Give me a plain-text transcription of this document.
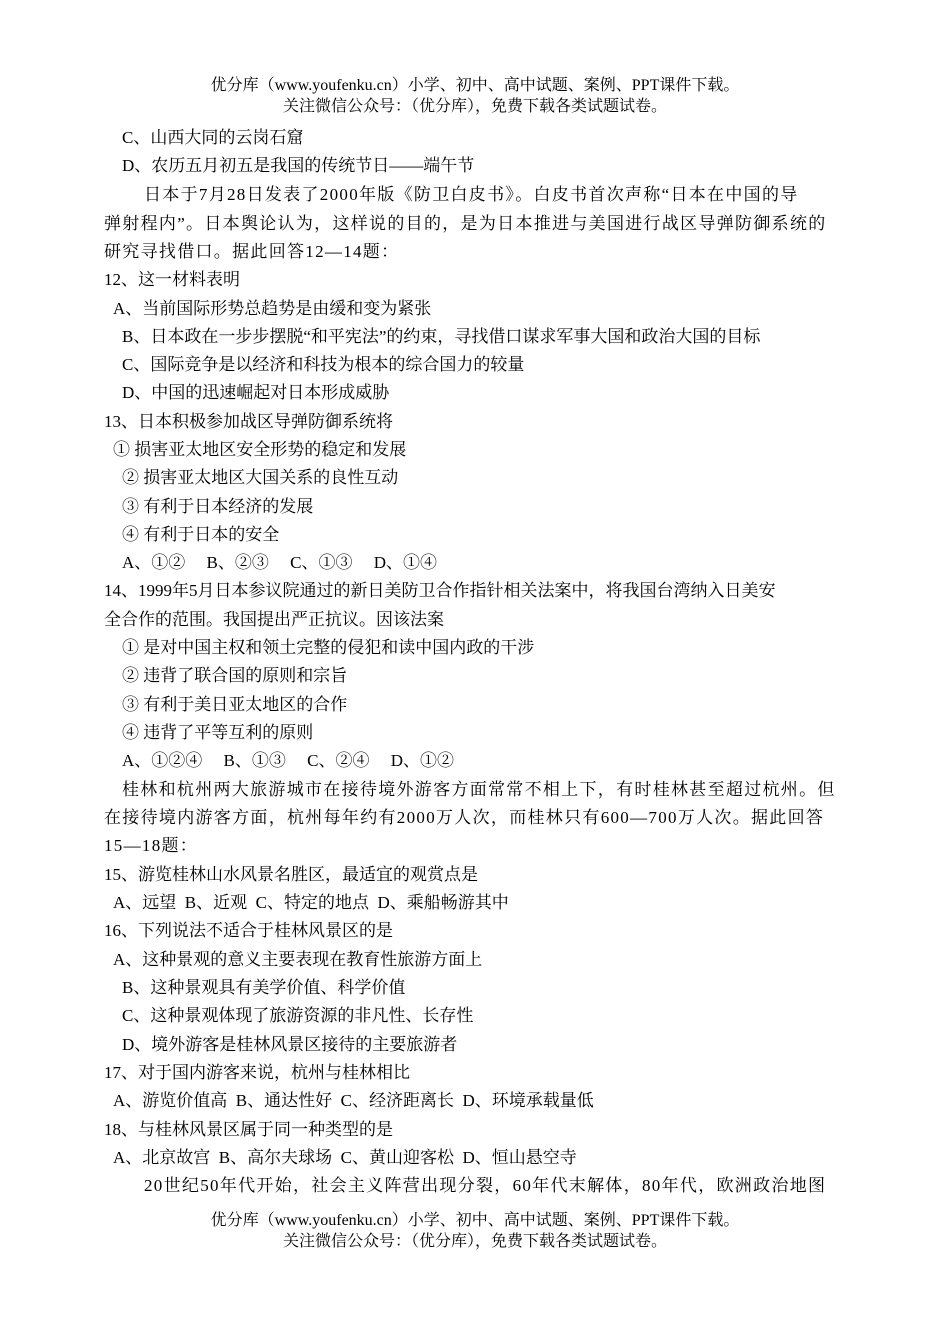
优分库（www.youfenku.cn）小学、初中、高中试题、案例、PPT课件下载。
关注微信公众号：（优分库），免费下载各类试题试卷。
C、山西大同的云岗石窟
D、农历五月初五是我国的传统节日——端午节
日本于7月28日发表了2000年版《防卫白皮书》。白皮书首次声称“日本在中国的导
弹射程内”。日本舆论认为，这样说的目的，是为日本推进与美国进行战区导弹防御系统的
研究寻找借口。据此回答12—14题：
12、这一材料表明
A、当前国际形势总趋势是由缓和变为紧张
B、日本政在一步步摆脱“和平宪法”的约束，寻找借口谋求军事大国和政治大国的目标
C、国际竞争是以经济和科技为根本的综合国力的较量
D、中国的迅速崛起对日本形成威胁
13、日本积极参加战区导弹防御系统将
① 损害亚太地区安全形势的稳定和发展
② 损害亚太地区大国关系的良性互动
③ 有利于日本经济的发展
④ 有利于日本的安全
A、①②     B、②③     C、①③     D、①④
14、1999年5月日本参议院通过的新日美防卫合作指针相关法案中，将我国台湾纳入日美安
全合作的范围。我国提出严正抗议。因该法案
① 是对中国主权和领土完整的侵犯和读中国内政的干涉
② 违背了联合国的原则和宗旨
③ 有利于美日亚太地区的合作
④ 违背了平等互利的原则
A、①②④     B、①③     C、②④     D、①②
桂林和杭州两大旅游城市在接待境外游客方面常常不相上下，有时桂林甚至超过杭州。但
在接待境内游客方面，杭州每年约有2000万人次，而桂林只有600—700万人次。据此回答
15—18题：
15、游览桂林山水风景名胜区，最适宜的观赏点是
A、远望  B、近观  C、特定的地点  D、乘船畅游其中
16、下列说法不适合于桂林风景区的是
A、这种景观的意义主要表现在教育性旅游方面上
B、这种景观具有美学价值、科学价值
C、这种景观体现了旅游资源的非凡性、长存性
D、境外游客是桂林风景区接待的主要旅游者
17、对于国内游客来说，杭州与桂林相比
A、游览价值高  B、通达性好  C、经济距离长  D、环境承载量低
18、与桂林风景区属于同一种类型的是
A、北京故宫  B、高尔夫球场  C、黄山迎客松  D、恒山悬空寺
20世纪50年代开始，社会主义阵营出现分裂，60年代末解体，80年代，欧洲政治地图
优分库（www.youfenku.cn）小学、初中、高中试题、案例、PPT课件下载。
关注微信公众号：（优分库），免费下载各类试题试卷。
